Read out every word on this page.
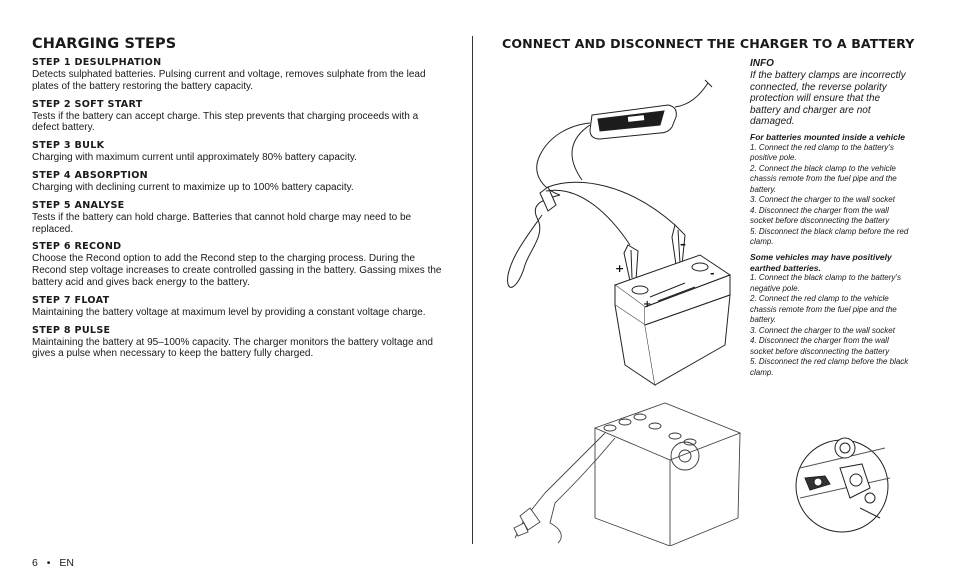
CHARGING STEPS
STEP 1 DESULPHATION
Detects sulphated batteries. Pulsing current and voltage, removes sulphate from the lead plates of the battery restoring the battery capacity.
STEP 2 SOFT START
Tests if the battery can accept charge. This step prevents that charging proceeds with a defect battery.
STEP 3 BULK
Charging with maximum current until approximately 80% battery capacity.
STEP 4 ABSORPTION
Charging with declining current to maximize up to 100% battery capacity.
STEP 5 ANALYSE
Tests if the battery can hold charge. Batteries that cannot hold charge may need to be replaced.
STEP 6 RECOND
Choose the Recond option to add the Recond step to the charging process. During the Recond step voltage increases to create controlled gassing in the battery. Gassing mixes the battery acid and gives back energy to the battery.
STEP 7 FLOAT
Maintaining the battery voltage at maximum level by providing a constant voltage charge.
STEP 8 PULSE
Maintaining the battery at 95–100% capacity. The charger monitors the battery voltage and gives a pulse when necessary to keep the battery fully charged.
CONNECT AND DISCONNECT THE CHARGER TO A BATTERY
+
–
-
+
INFO
If the battery clamps are incorrectly connected, the reverse polarity protection will ensure that the battery and charger are not damaged.
For batteries mounted inside a vehicle
1. Connect the red clamp to the battery's positive pole.
2. Connect the black clamp to the vehicle chassis remote from the fuel pipe and the battery.
3. Connect the charger to the wall socket
4. Disconnect the charger from the wall socket before disconnecting the battery
5. Disconnect the black clamp before the red clamp.
Some vehicles may have positively earthed batteries.
1. Connect the black clamp to the battery's negative pole.
2. Connect the red clamp to the vehicle chassis remote from the fuel pipe and the battery.
3. Connect the charger to the wall socket
4. Disconnect the charger from the wall socket before disconnecting the battery
5. Disconnect the red clamp before the black clamp.
6 • EN
